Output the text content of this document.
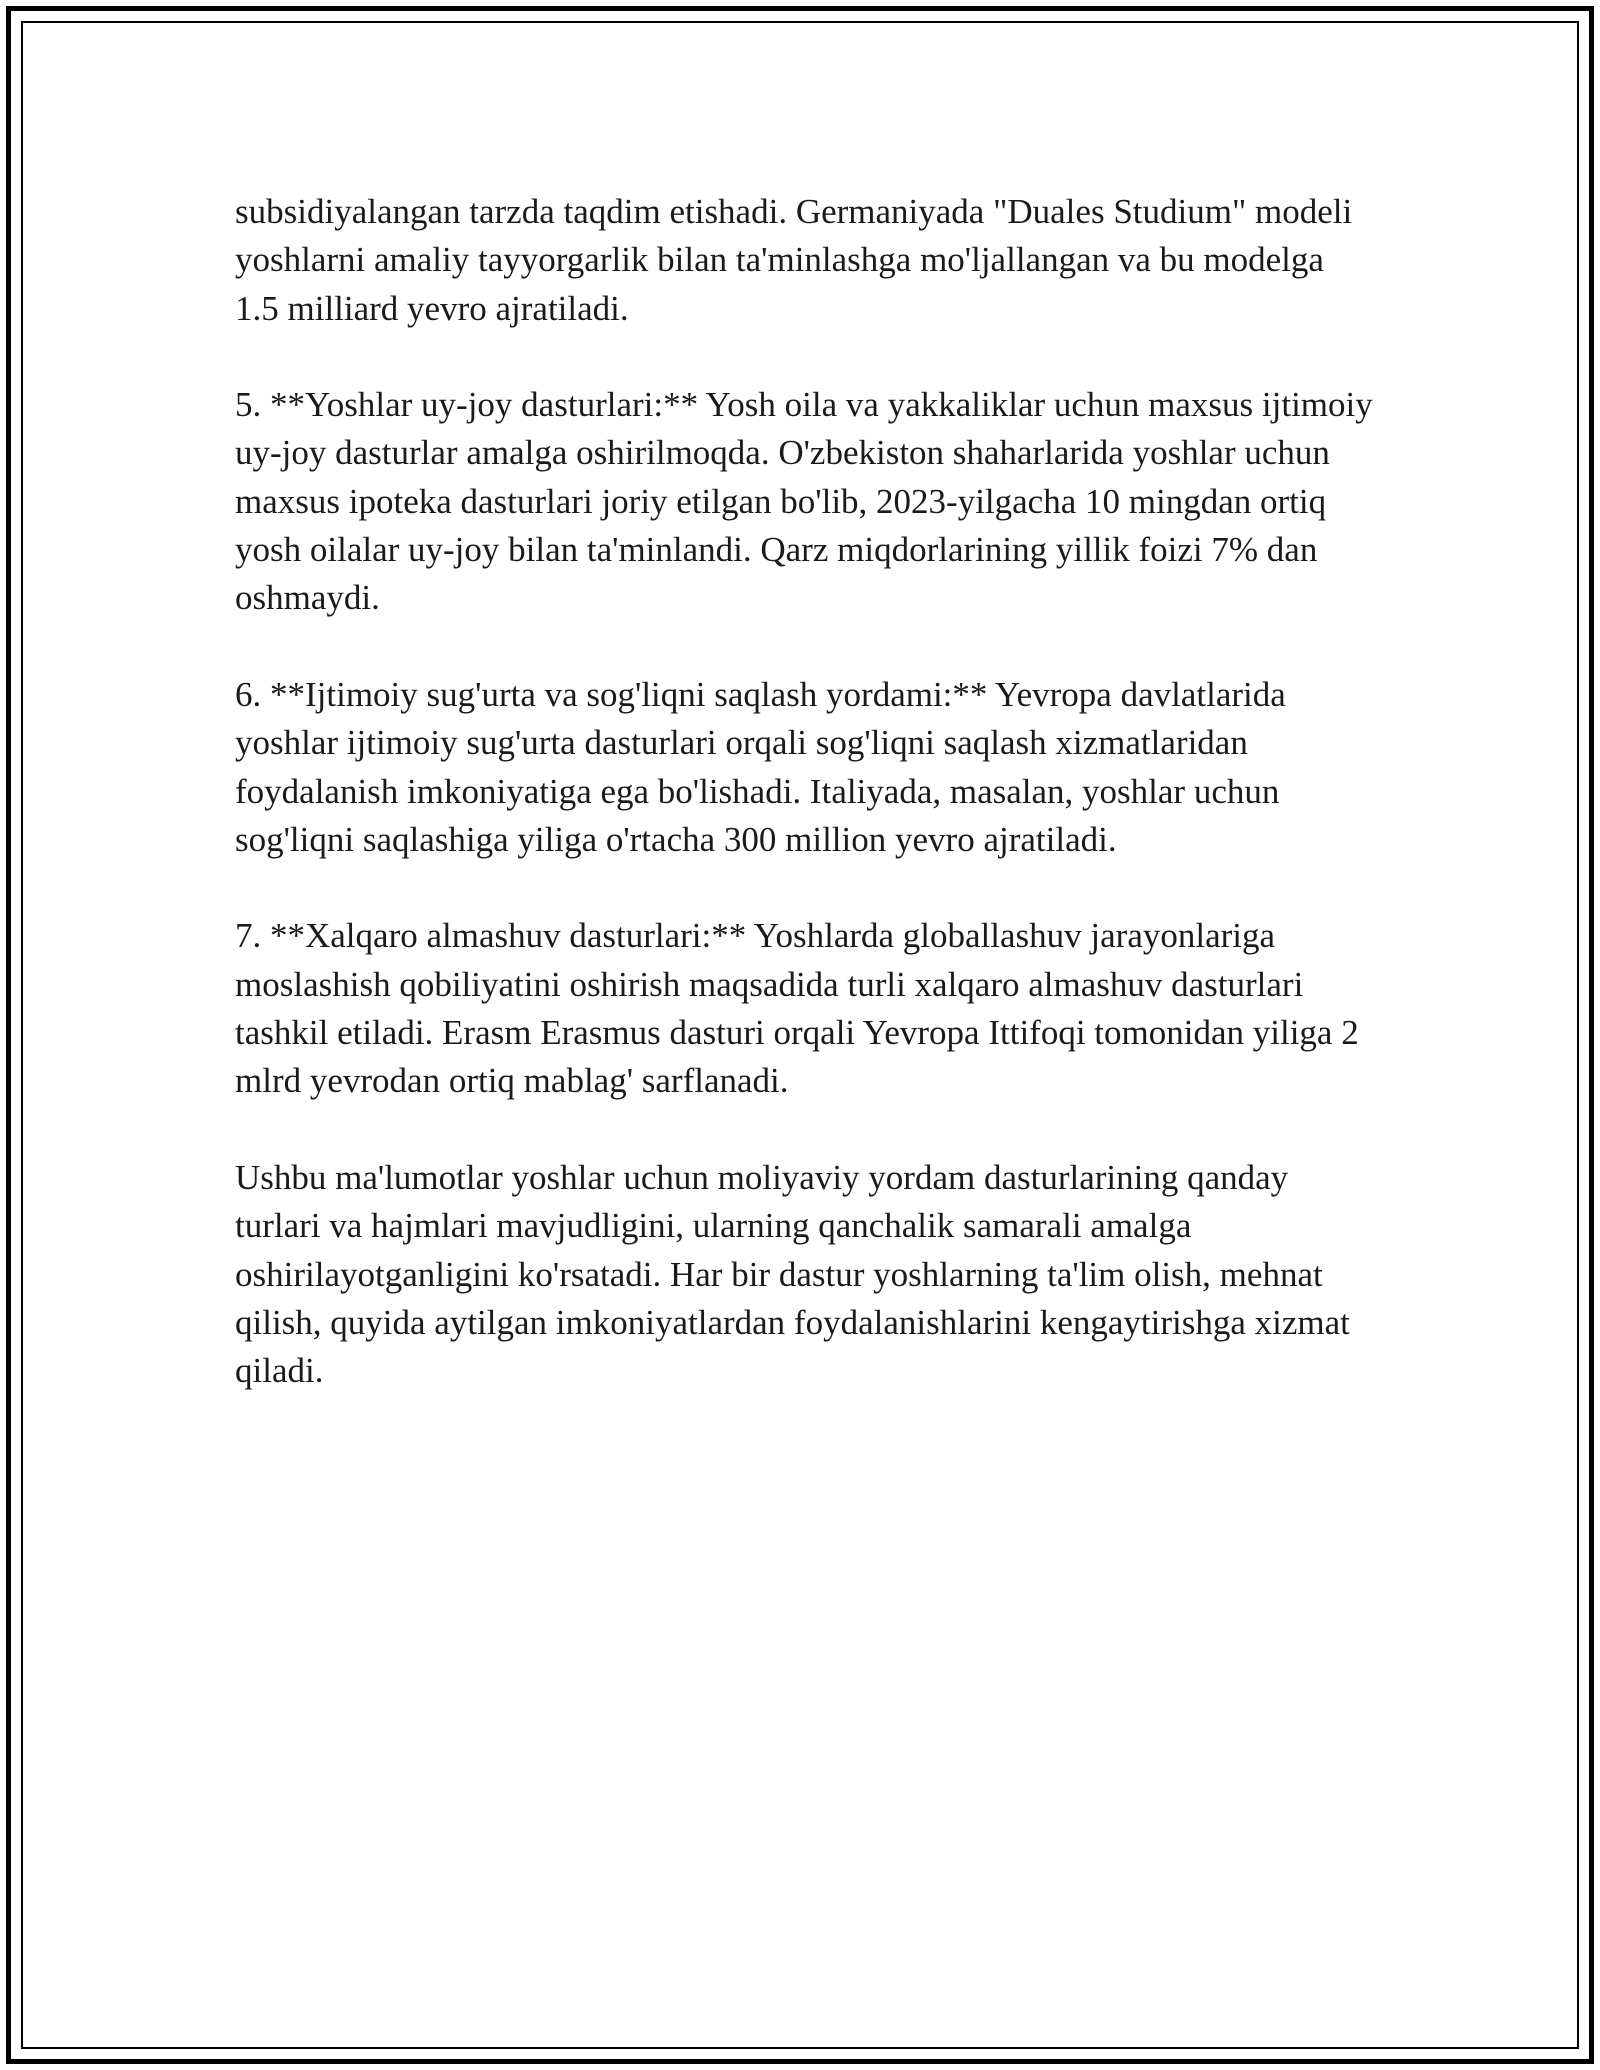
subsidiyalangan tarzda taqdim etishadi. Germaniyada "Duales Studium" modeli yoshlarni amaliy tayyorgarlik bilan ta'minlashga mo'ljallangan va bu modelga 1.5 milliard yevro ajratiladi.

5. **Yoshlar uy-joy dasturlari:** Yosh oila va yakkaliklar uchun maxsus ijtimoiy uy-joy dasturlar amalga oshirilmoqda. O'zbekiston shaharlarida yoshlar uchun maxsus ipoteka dasturlari joriy etilgan bo'lib, 2023-yilgacha 10 mingdan ortiq yosh oilalar uy-joy bilan ta'minlandi. Qarz miqdorlarining yillik foizi 7% dan oshmaydi.

6. **Ijtimoiy sug'urta va sog'liqni saqlash yordami:** Yevropa davlatlarida yoshlar ijtimoiy sug'urta dasturlari orqali sog'liqni saqlash xizmatlaridan foydalanish imkoniyatiga ega bo'lishadi. Italiyada, masalan, yoshlar uchun sog'liqni saqlashiga yiliga o'rtacha 300 million yevro ajratiladi.

7. **Xalqaro almashuv dasturlari:** Yoshlarda globallashuv jarayonlariga moslashish qobiliyatini oshirish maqsadida turli xalqaro almashuv dasturlari tashkil etiladi. Erasm Erasmus dasturi orqali Yevropa Ittifoqi tomonidan yiliga 2 mlrd yevrodan ortiq mablag' sarflanadi.

Ushbu ma'lumotlar yoshlar uchun moliyaviy yordam dasturlarining qanday turlari va hajmlari mavjudligini, ularning qanchalik samarali amalga oshirilayotganligini ko'rsatadi. Har bir dastur yoshlarning ta'lim olish, mehnat qilish, quyida aytilgan imkoniyatlardan foydalanishlarini kengaytirishga xizmat qiladi.
